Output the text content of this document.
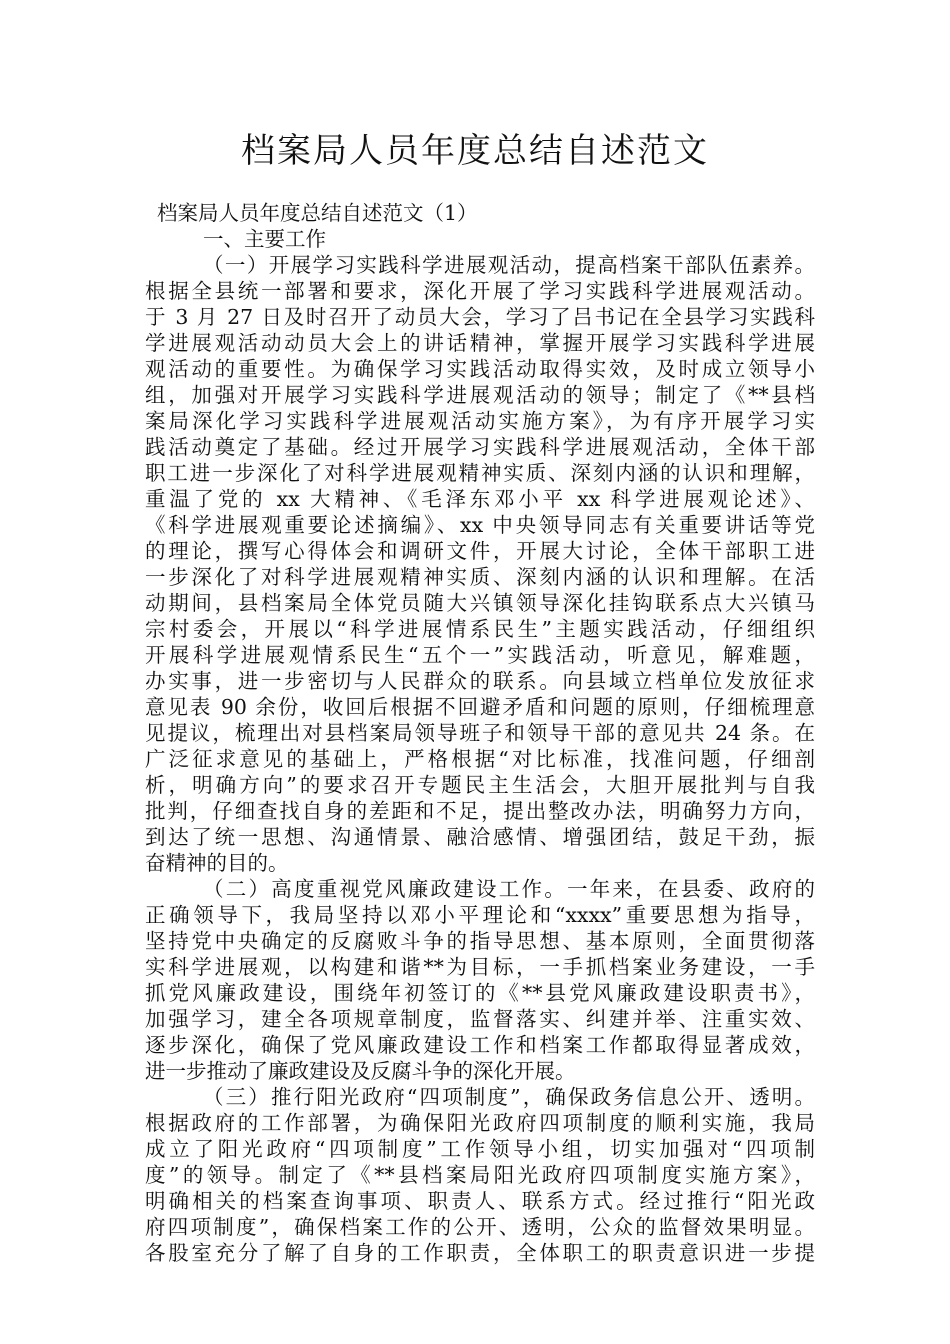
档案局人员年度总结自述范文
档案局人员年度总结自述范文（1）
一、主要工作
（一）开展学习实践科学进展观活动，提高档案干部队伍素养。
根据全县统一部署和要求，深化开展了学习实践科学进展观活动。
于 3 月 27 日及时召开了动员大会，学习了吕书记在全县学习实践科
学进展观活动动员大会上的讲话精神，掌握开展学习实践科学进展
观活动的重要性。为确保学习实践活动取得实效，及时成立领导小
组，加强对开展学习实践科学进展观活动的领导；制定了《**县档
案局深化学习实践科学进展观活动实施方案》，为有序开展学习实
践活动奠定了基础。经过开展学习实践科学进展观活动，全体干部
职工进一步深化了对科学进展观精神实质、深刻内涵的认识和理解，
重温了党的 xx 大精神、《毛泽东邓小平 xx 科学进展观论述》、
《科学进展观重要论述摘编》、xx 中央领导同志有关重要讲话等党
的理论，撰写心得体会和调研文件，开展大讨论，全体干部职工进
一步深化了对科学进展观精神实质、深刻内涵的认识和理解。在活
动期间，县档案局全体党员随大兴镇领导深化挂钩联系点大兴镇马
宗村委会，开展以“科学进展情系民生”主题实践活动，仔细组织
开展科学进展观情系民生“五个一”实践活动，听意见，解难题，
办实事，进一步密切与人民群众的联系。向县域立档单位发放征求
意见表 90 余份，收回后根据不回避矛盾和问题的原则，仔细梳理意
见提议，梳理出对县档案局领导班子和领导干部的意见共 24 条。在
广泛征求意见的基础上，严格根据“对比标准，找准问题，仔细剖
析，明确方向”的要求召开专题民主生活会，大胆开展批判与自我
批判，仔细查找自身的差距和不足，提出整改办法，明确努力方向，
到达了统一思想、沟通情景、融洽感情、增强团结，鼓足干劲，振
奋精神的目的。
（二）高度重视党风廉政建设工作。一年来，在县委、政府的
正确领导下，我局坚持以邓小平理论和“xxxx”重要思想为指导，
坚持党中央确定的反腐败斗争的指导思想、基本原则，全面贯彻落
实科学进展观，以构建和谐**为目标，一手抓档案业务建设，一手
抓党风廉政建设，围绕年初签订的《**县党风廉政建设职责书》，
加强学习，建全各项规章制度，监督落实、纠建并举、注重实效、
逐步深化，确保了党风廉政建设工作和档案工作都取得显著成效，
进一步推动了廉政建设及反腐斗争的深化开展。
（三）推行阳光政府“四项制度”，确保政务信息公开、透明。
根据政府的工作部署，为确保阳光政府四项制度的顺利实施，我局
成立了阳光政府“四项制度”工作领导小组，切实加强对“四项制
度”的领导。制定了《**县档案局阳光政府四项制度实施方案》，
明确相关的档案查询事项、职责人、联系方式。经过推行“阳光政
府四项制度”，确保档案工作的公开、透明，公众的监督效果明显。
各股室充分了解了自身的工作职责，全体职工的职责意识进一步提
